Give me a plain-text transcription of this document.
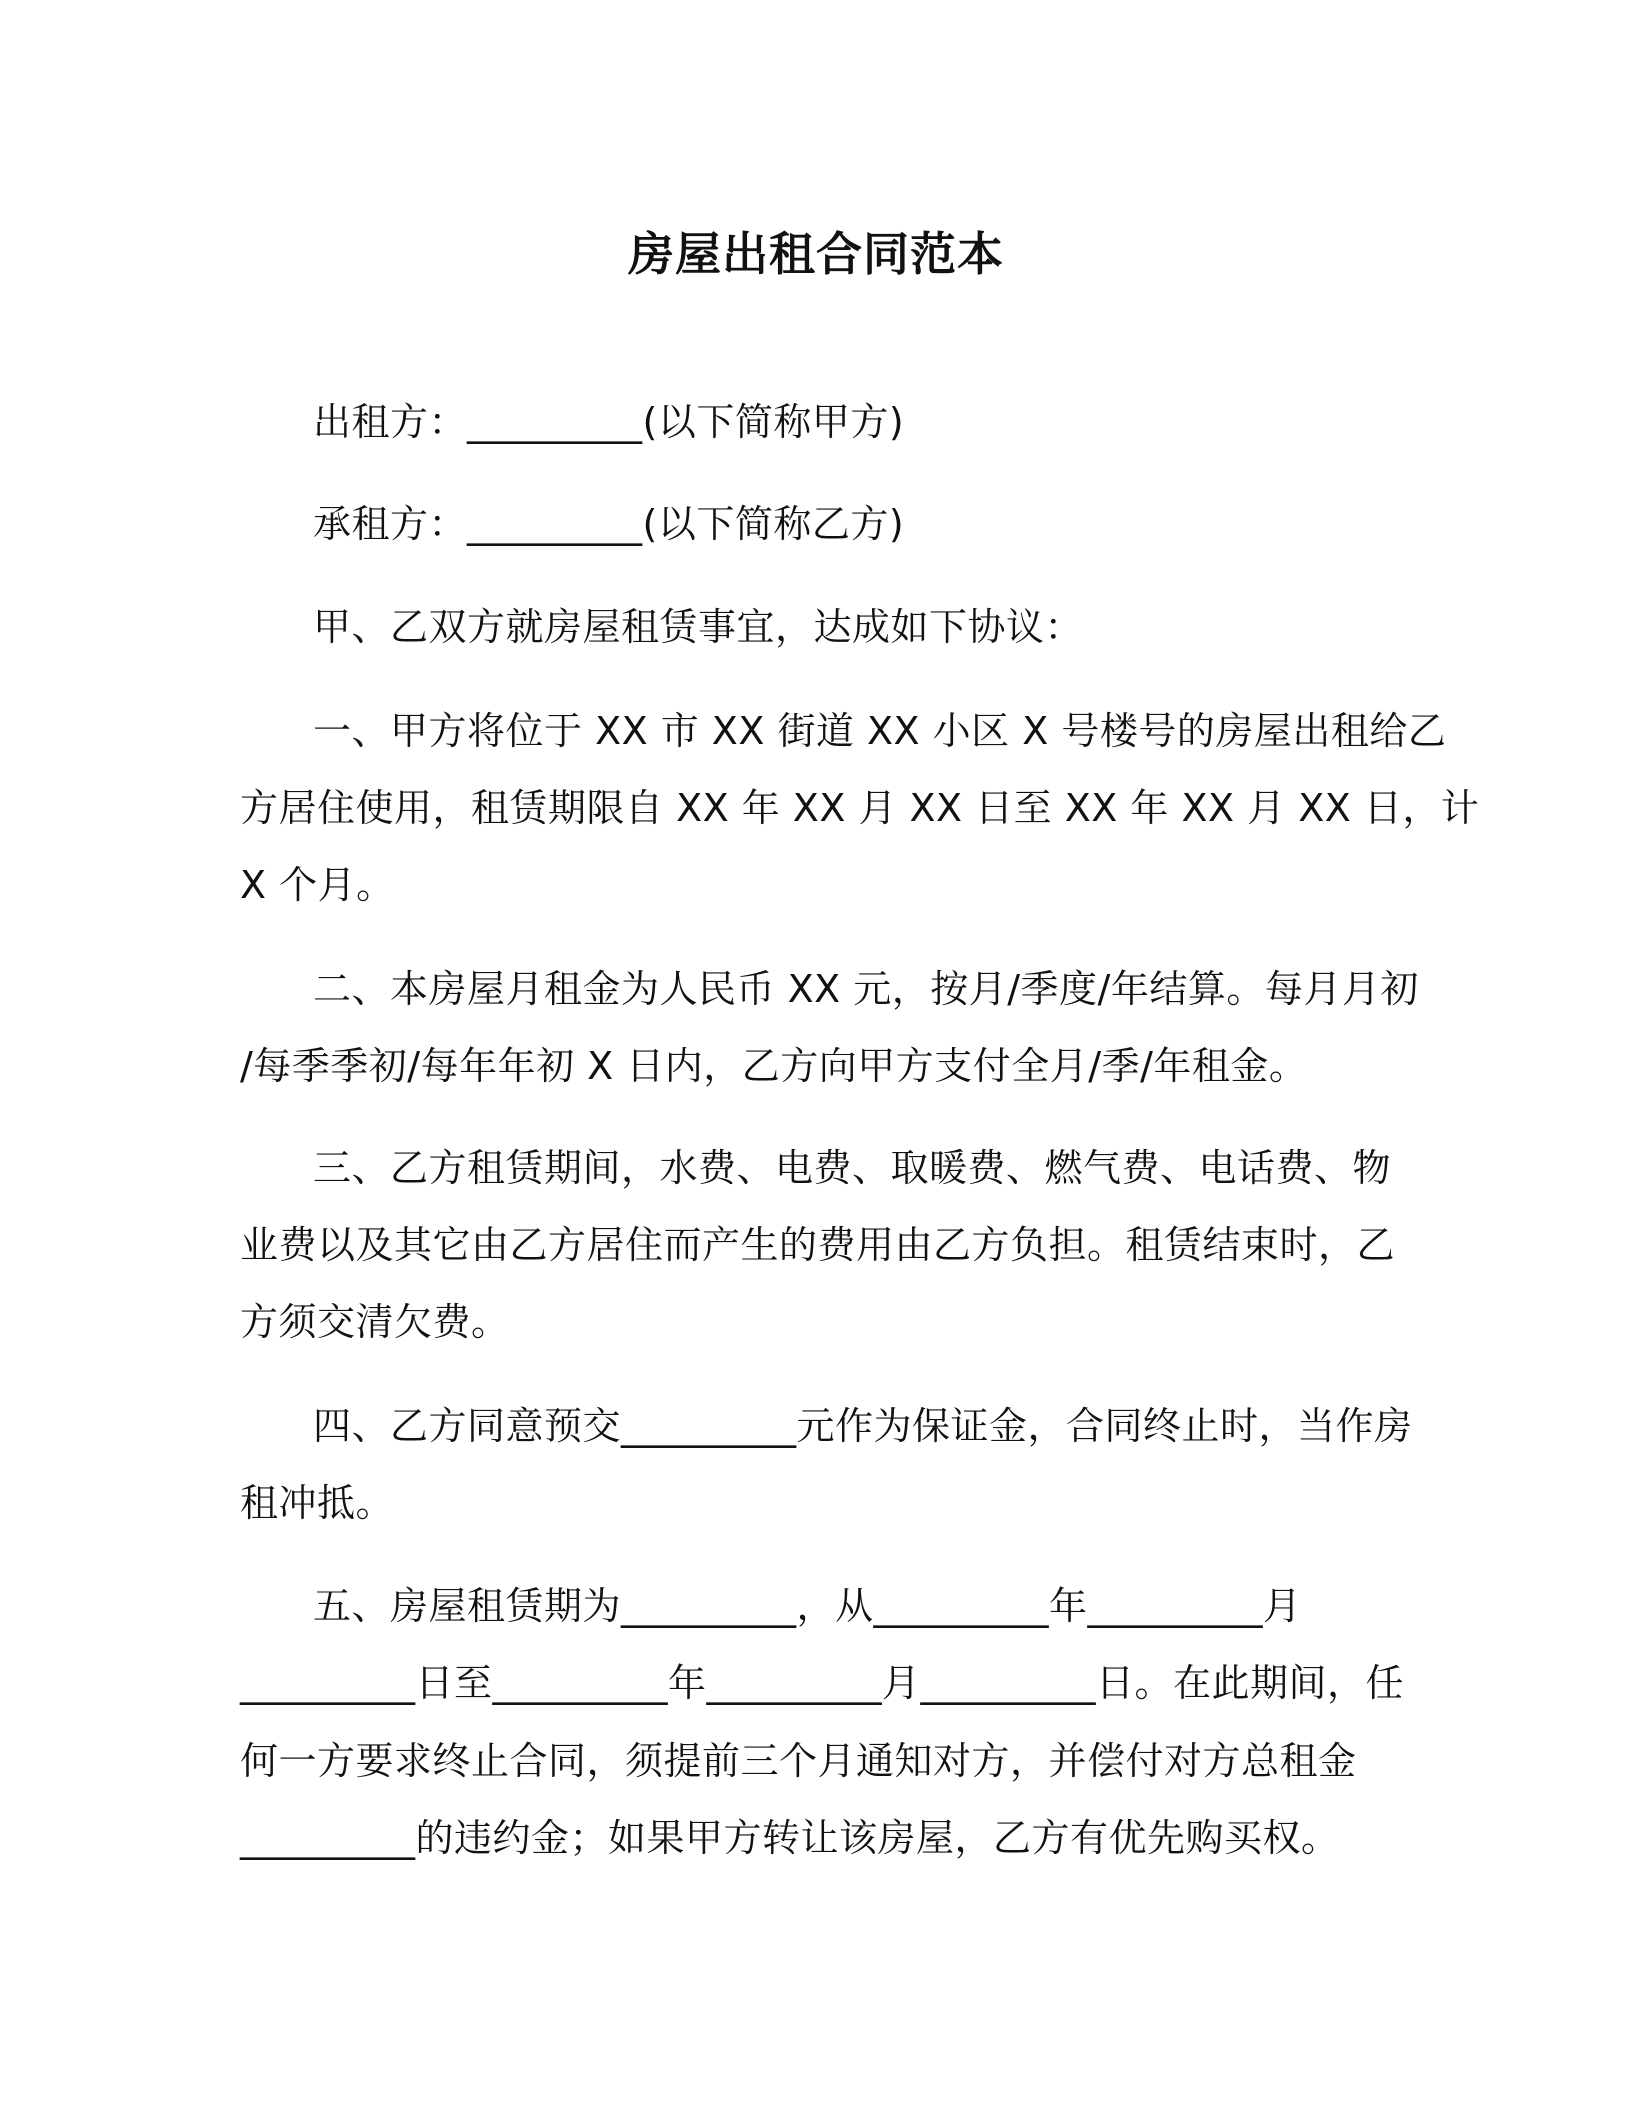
房屋出租合同范本
出租方：_________(以下简称甲方)
承租方：_________(以下简称乙方)
甲、乙双方就房屋租赁事宜，达成如下协议：
一、甲方将位于 XX 市 XX 街道 XX 小区 X 号楼号的房屋出租给乙
方居住使用，租赁期限自 XX 年 XX 月 XX 日至 XX 年 XX 月 XX 日，计
X 个月。
二、本房屋月租金为人民币 XX 元，按月/季度/年结算。每月月初
/每季季初/每年年初 X 日内，乙方向甲方支付全月/季/年租金。
三、乙方租赁期间，水费、电费、取暖费、燃气费、电话费、物
业费以及其它由乙方居住而产生的费用由乙方负担。租赁结束时，乙
方须交清欠费。
四、乙方同意预交_________元作为保证金，合同终止时，当作房
租冲抵。
五、房屋租赁期为_________，从_________年_________月
_________日至_________年_________月_________日。在此期间，任
何一方要求终止合同，须提前三个月通知对方，并偿付对方总租金
_________的违约金；如果甲方转让该房屋，乙方有优先购买权。
